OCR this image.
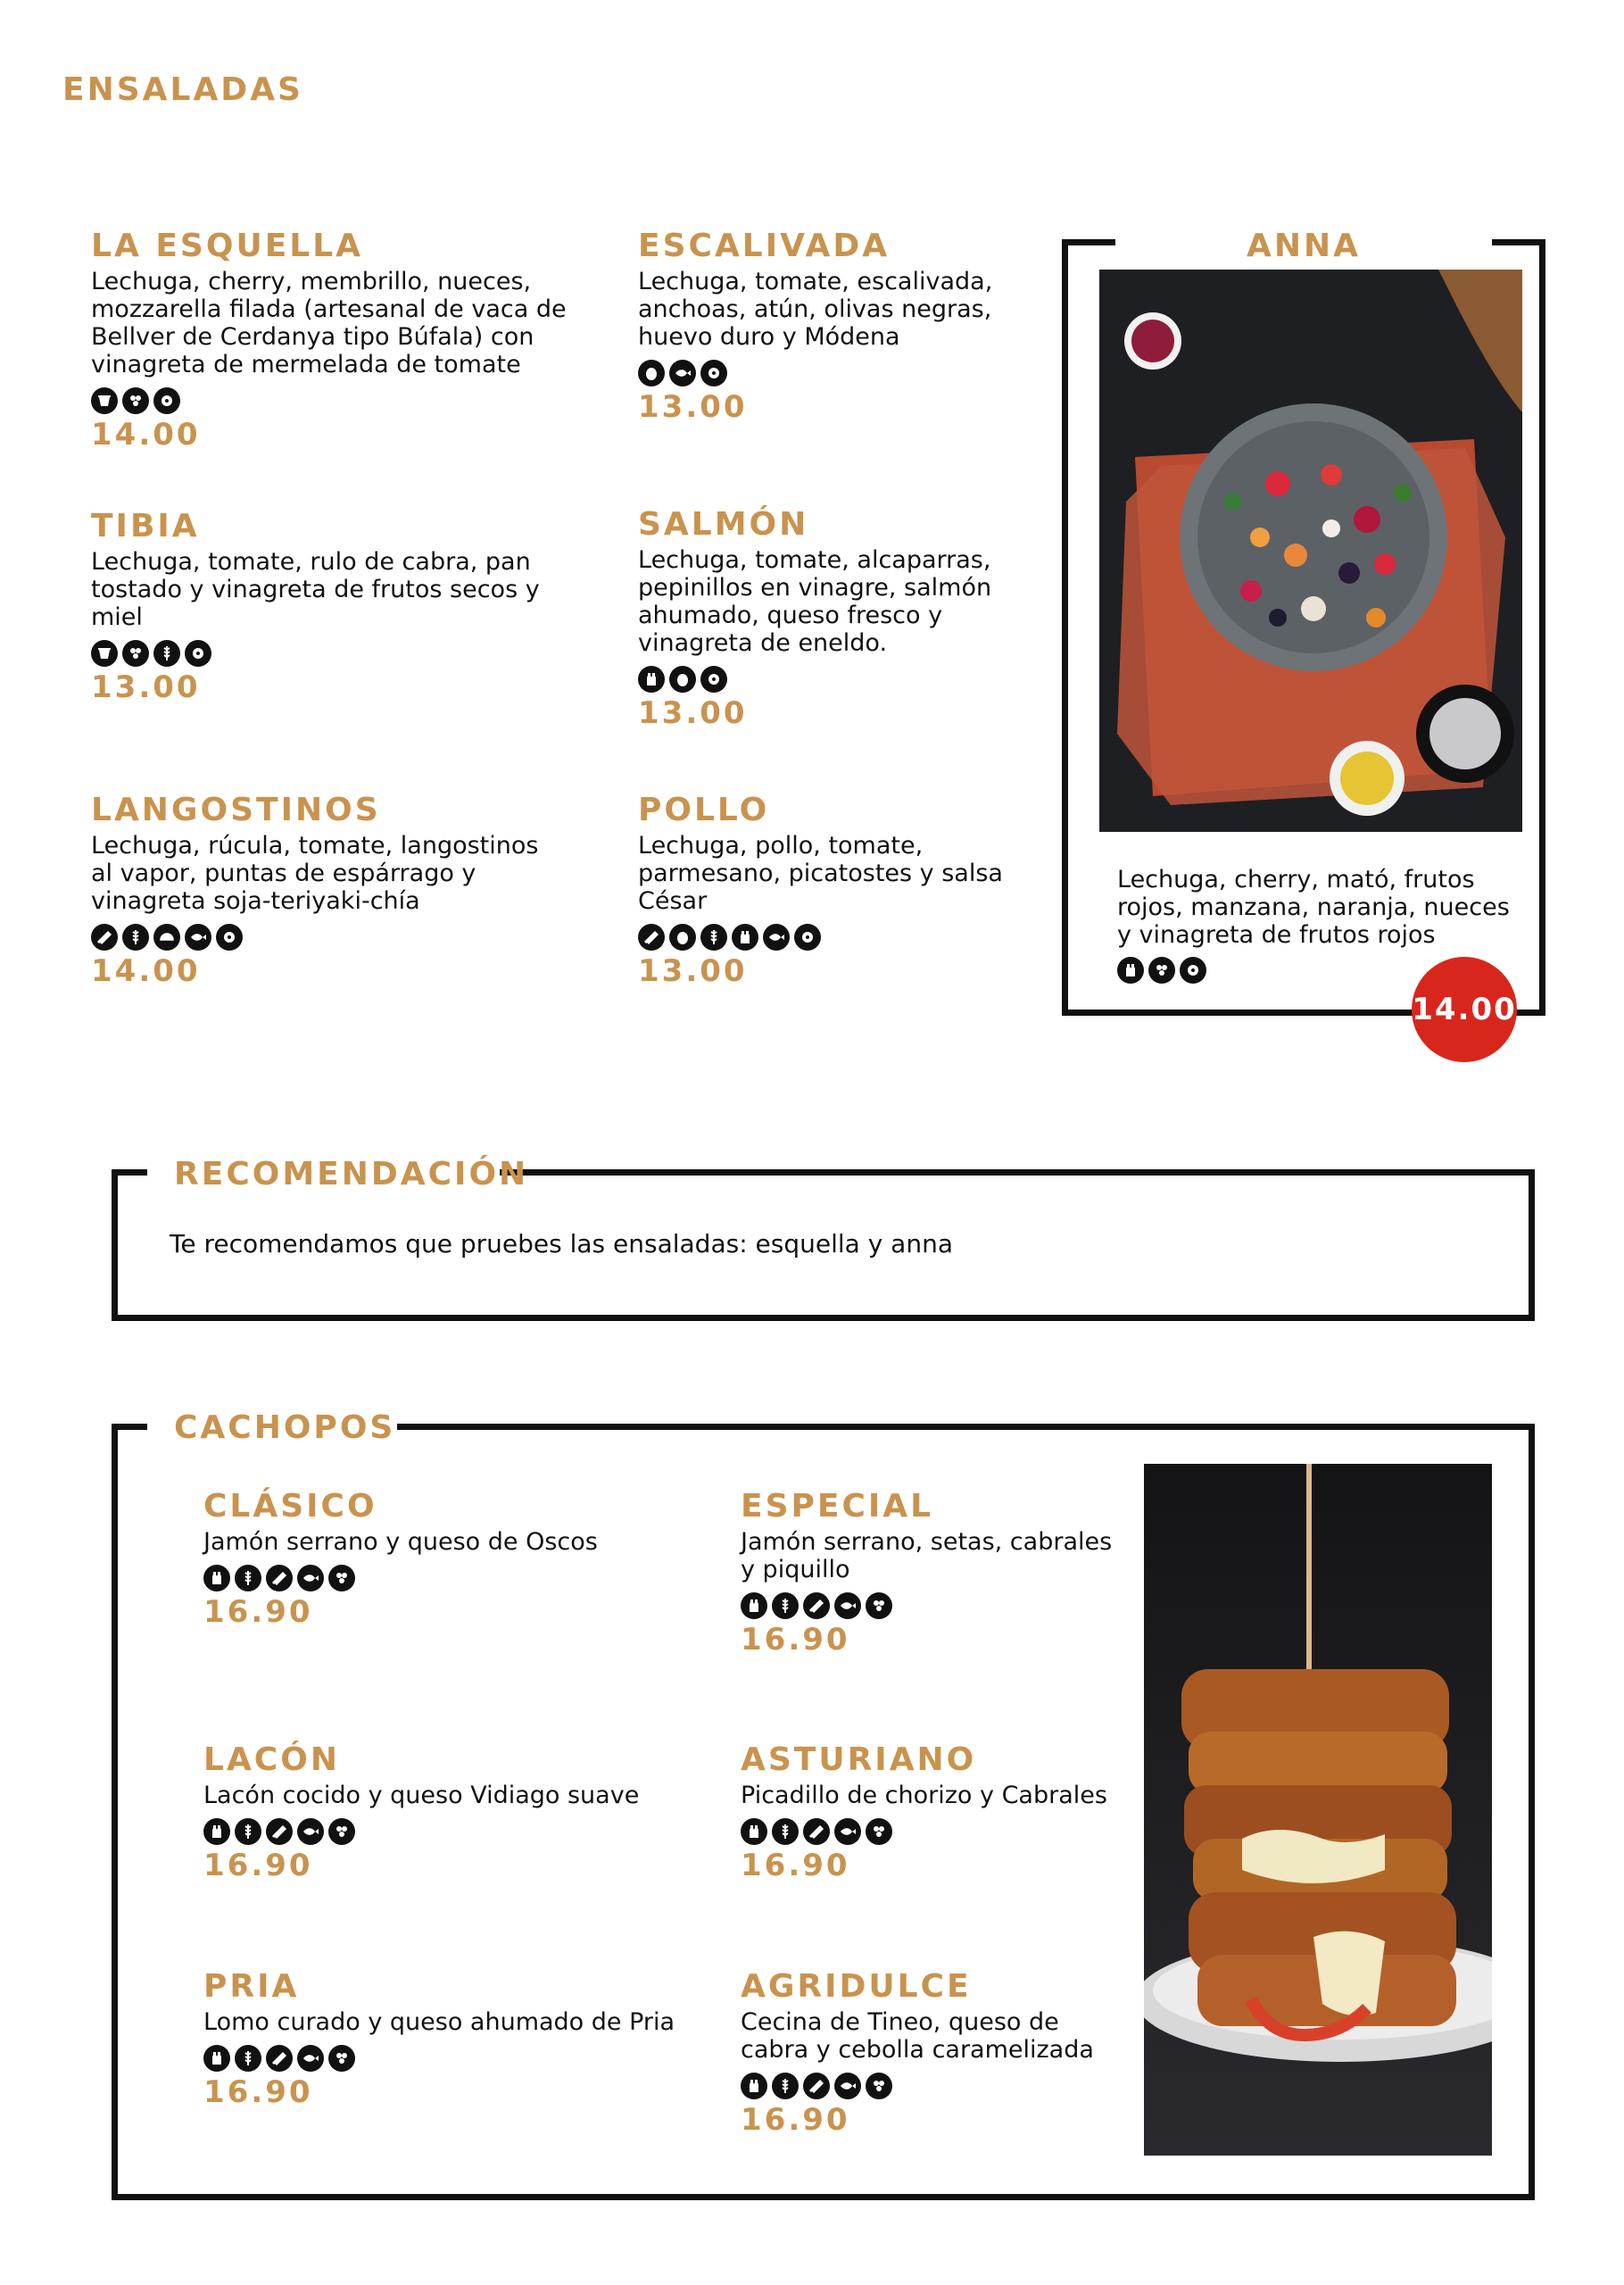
ENSALADAS
LA ESQUELLA
Lechuga, cherry, membrillo, nueces, mozzarella filada (artesanal de vaca de Bellver de Cerdanya tipo Búfala) con vinagreta de mermelada de tomate
14.00
ESCALIVADA
Lechuga, tomate, escalivada, anchoas, atún, olivas negras, huevo duro y Módena
13.00
TIBIA
Lechuga, tomate, rulo de cabra, pan tostado y vinagreta de frutos secos y miel
13.00
SALMÓN
Lechuga, tomate, alcaparras, pepinillos en vinagre, salmón ahumado, queso fresco y vinagreta de eneldo.
13.00
LANGOSTINOS
Lechuga, rúcula, tomate, langostinos al vapor, puntas de espárrago y vinagreta soja-teriyaki-chía
14.00
POLLO
Lechuga, pollo, tomate, parmesano, picatostes y salsa César
13.00
ANNA
Lechuga, cherry, mató, frutos rojos, manzana, naranja, nueces y vinagreta de frutos rojos
14.00
RECOMENDACIÓN
Te recomendamos que pruebes las ensaladas: esquella y anna
CACHOPOS
CLÁSICO
Jamón serrano y queso de Oscos
16.90
ESPECIAL
Jamón serrano, setas, cabrales y piquillo
16.90
LACÓN
Lacón cocido y queso Vidiago suave
16.90
ASTURIANO
Picadillo de chorizo y Cabrales
16.90
PRIA
Lomo curado y queso ahumado de Pria
16.90
AGRIDULCE
Cecina de Tineo, queso de cabra y cebolla caramelizada
16.90
